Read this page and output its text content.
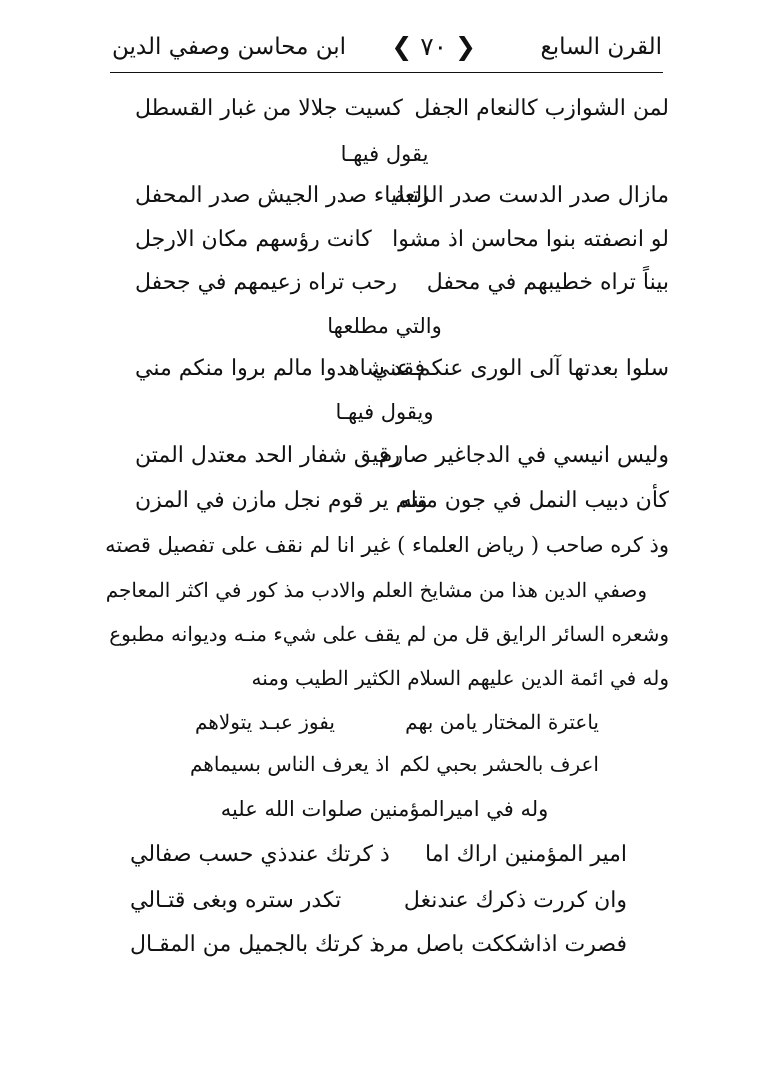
القرن السابع
❮ ٧٠ ❯
ابن محاسن وصفي الدين
لمن الشوازب كالنعام الجفل
كسيت جلالا من غبار القسطل
يقول فيهـا
مازال صدر الدست صدر الرتبة
العلياء صدر الجيش صدر المحفل
لو انصفته بنوا محاسن اذ مشوا
كانت رؤسهم مكان الارجل
بيناً تراه خطيبهم في محفل
رحب تراه زعيمهم في جحفل
والتي مطلعها
سلوا بعدتها آلى الورى عنكم عني
فقد شاهدوا مالم بروا منكم مني
ويقول فيهـا
وليس انيسي في الدجاغير صارم
رقيق شفار الحد معتدل المتن
كأن دبيب النمل في جون متنه
ولم ير قوم نجل مازن في المزن
وذ كره صاحب ( رياض العلماء ) غير انا لم نقف على تفصيل قصته
وصفي الدين هذا من مشايخ العلم والادب مذ كور في اكثر المعاجم
وشعره السائر الرايق قل من لم يقف على شيء منـه وديوانه مطبوع
وله في ائمة الدين عليهم السلام الكثير الطيب ومنه
ياعترة المختار يامن بهم
يفوز عبـد يتولاهم
اعرف بالحشر بحبي لكم
اذ يعرف الناس بسيماهم
وله في اميرالمؤمنين صلوات الله عليه
امير المؤمنين اراك اما
ذ كرتك عندذي حسب صفالي
وان كررت ذكرك عندنغل
تكدر ستره وبغى قتـالي
فصرت اذاشككت باصل مره
ذ كرتك بالجميل من المقـال
